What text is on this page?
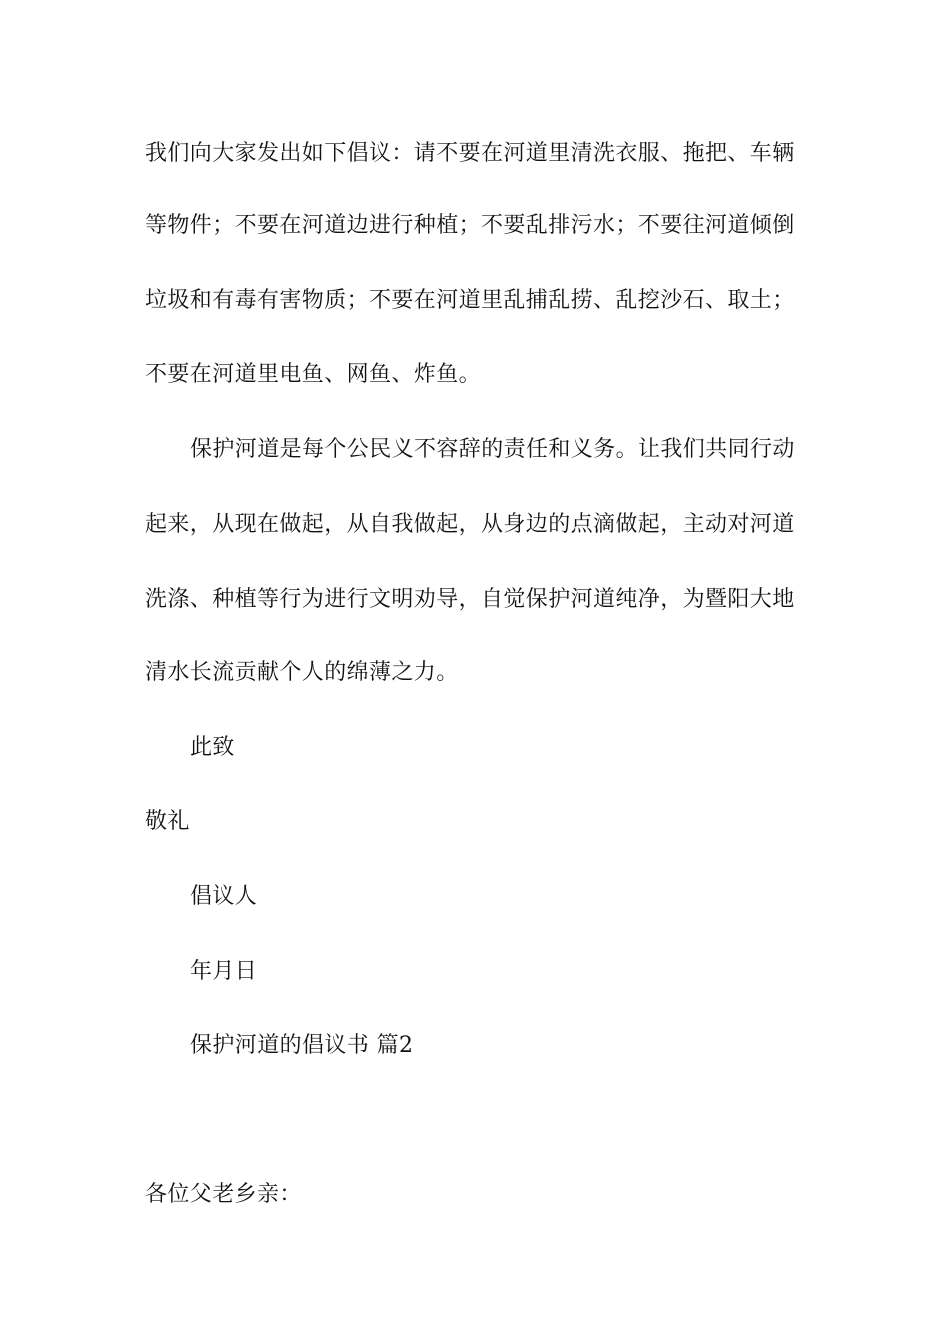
我们向大家发出如下倡议：请不要在河道里清洗衣服、拖把、车辆
等物件；不要在河道边进行种植；不要乱排污水；不要往河道倾倒
垃圾和有毒有害物质；不要在河道里乱捕乱捞、乱挖沙石、取土；
不要在河道里电鱼、网鱼、炸鱼。
保护河道是每个公民义不容辞的责任和义务。让我们共同行动
起来，从现在做起，从自我做起，从身边的点滴做起，主动对河道
洗涤、种植等行为进行文明劝导，自觉保护河道纯净，为暨阳大地
清水长流贡献个人的绵薄之力。
此致
敬礼
倡议人
年月日
保护河道的倡议书 篇2
各位父老乡亲：
